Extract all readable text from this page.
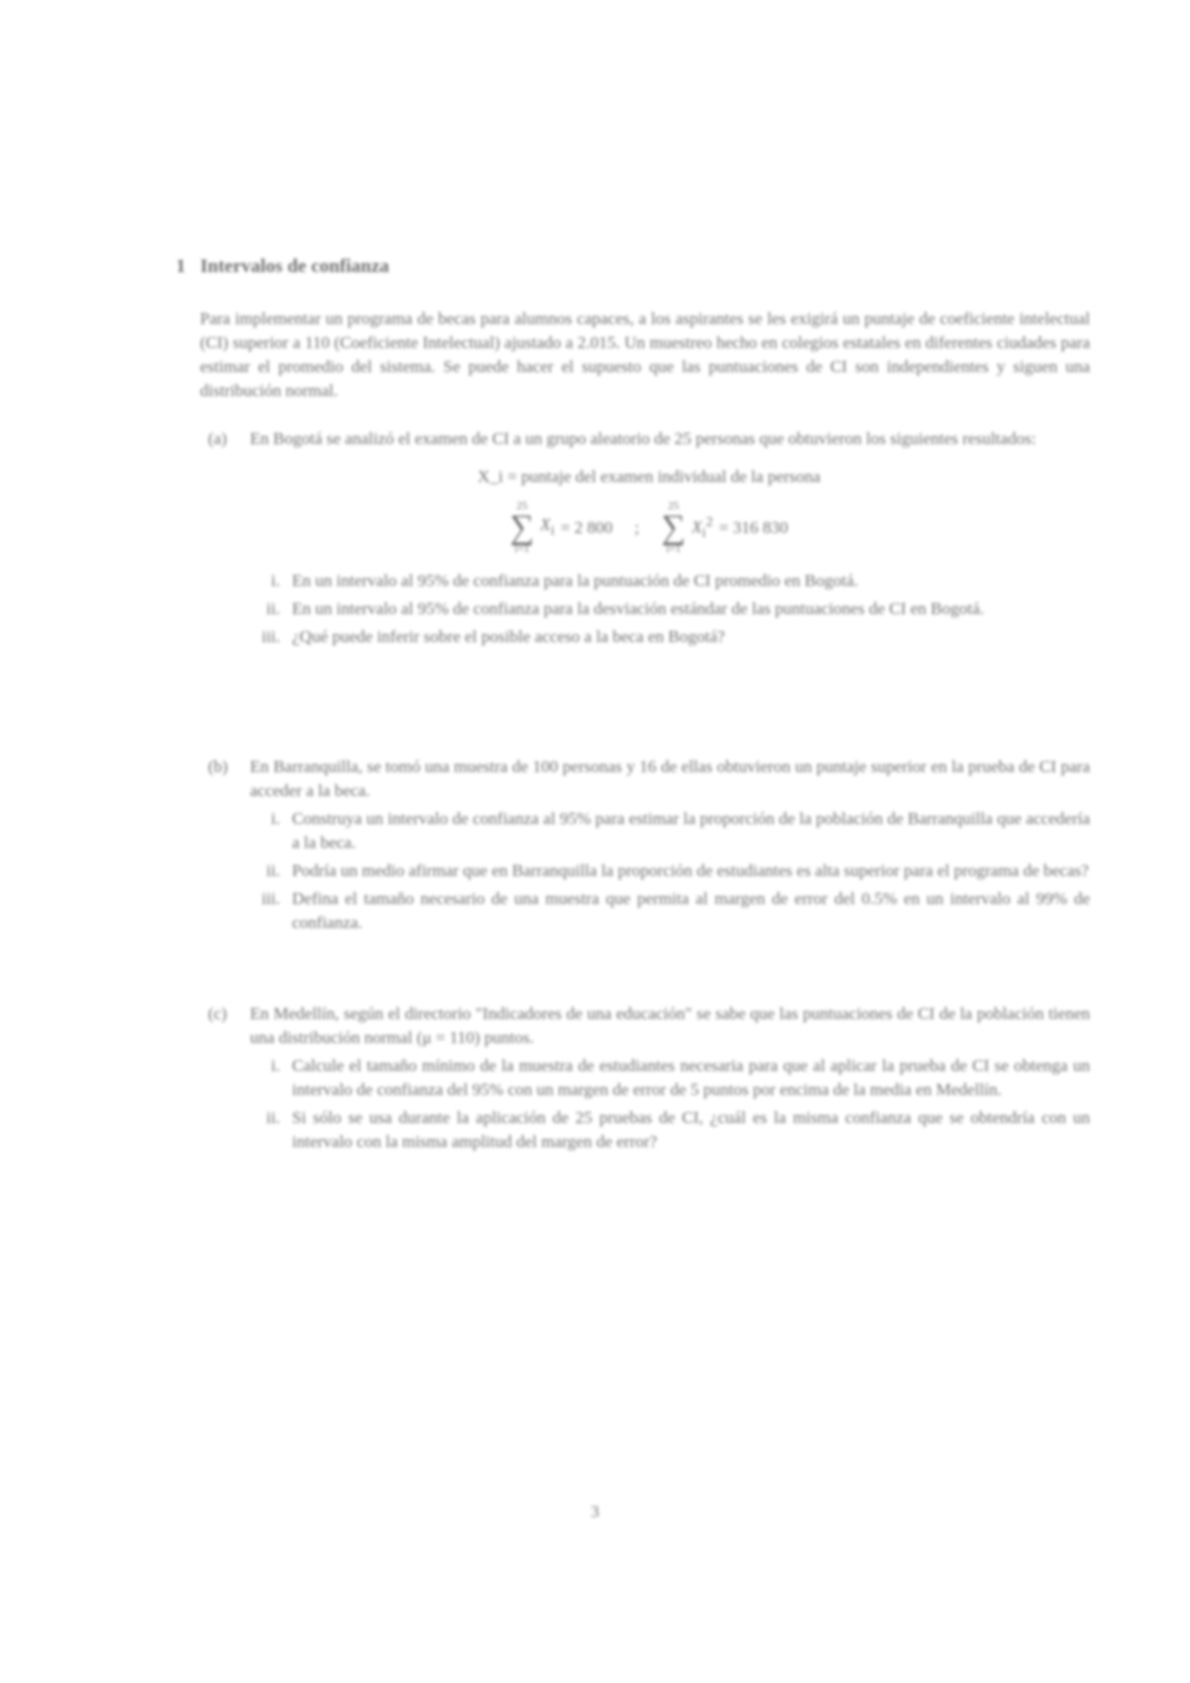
1 Intervalos de confianza

Para implementar un programa de becas para alumnos capaces, a los aspirantes se les exigirá un puntaje de coeficiente intelectual (CI) superior a 110 (Coeficiente Intelectual) ajustado a 2.015. Un muestreo hecho en colegios estatales en diferentes ciudades para estimar el promedio del sistema. Se puede hacer el supuesto que las puntuaciones de CI son independientes y siguen una distribución normal.

(a)	En Bogotá se analizó el examen de CI a un grupo aleatorio de 25 personas que obtuvieron los siguientes resultados:
X_i = puntaje del examen individual de la persona
25
∑
i=1
$X_i = 2$ 800 ;
25
∑
i=1
$X_i^2 = 316$ 830
i. En un intervalo al 95% de confianza para la puntuación de CI promedio en Bogotá.
ii. En un intervalo al 95% de confianza para la desviación estándar de las puntuaciones de CI en Bogotá.
iii. ¿Qué puede inferir sobre el posible acceso a la beca en Bogotá?
(b)	En Barranquilla, se tomó una muestra de 100 personas y 16 de ellas obtuvieron un puntaje superior en la prueba de CI para acceder a la beca.
i. Construya un intervalo de confianza al 95% para estimar la proporción de la población de Barranquilla que accedería a la beca.
ii. Podría un medio afirmar que en Barranquilla la proporción de estudiantes es alta superior para el programa de becas?
iii. Defina el tamaño necesario de una muestra que permita al margen de error del 0.5% en un intervalo al 99% de confianza.
(c)	En Medellín, según el directorio "Indicadores de una educación" se sabe que las puntuaciones de CI de la población tienen una distribución normal (μ = 110) puntos.
i. Calcule el tamaño mínimo de la muestra de estudiantes necesaria para que al aplicar la prueba de CI se obtenga un intervalo de confianza del 95% con un margen de error de 5 puntos por encima de la media en Medellín.
ii. Si sólo se usa durante la aplicación de 25 pruebas de CI, ¿cuál es la misma confianza que se obtendría con un intervalo con la misma amplitud del margen de error?
3
